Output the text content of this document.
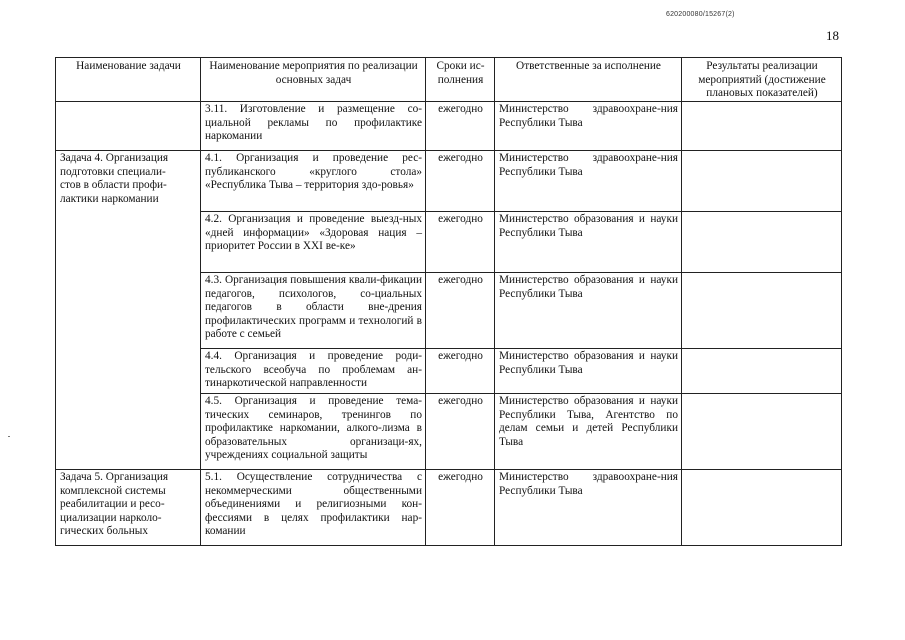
620200080/15267(2)
18
Наименование задачи	Наименование мероприятия по реализации основных задач	Сроки ис-полнения	Ответственные за исполнение	Результаты реализации мероприятий (достижение плановых показателей)
	3.11. Изготовление и размещение со-циальной рекламы по профилактике наркомании	ежегодно	Министерство здравоохране-ния Республики Тыва	

Задача 4. Организация
подготовки специали-
стов в области профи-
лактики наркомании	4.1. Организация и проведение рес-публиканского «круглого стола» «Республика Тыва – территория здо-ровья»	ежегодно	Министерство здравоохране-ния Республики Тыва	
	4.2. Организация и проведение выезд-ных «дней информации» «Здоровая нация – приоритет России в XXI ве-ке»	ежегодно	Министерство образования и науки Республики Тыва	
	4.3. Организация повышения квали-фикации педагогов, психологов, со-циальных педагогов в области вне-дрения профилактических программ и технологий в работе с семьей	ежегодно	Министерство образования и науки Республики Тыва	
	4.4. Организация и проведение роди-тельского всеобуча по проблемам ан-тинаркотической направленности	ежегодно	Министерство образования и науки Республики Тыва	
	4.5. Организация и проведение тема-тических семинаров, тренингов по профилактике наркомании, алкого-лизма в образовательных организаци-ях, учреждениях социальной защиты	ежегодно	Министерство образования и науки Республики Тыва, Агентство по делам семьи и детей Республики Тыва	

Задача 5. Организация
комплексной системы
реабилитации и ресо-
циализации нарколо-
гических больных	5.1. Осуществление сотрудничества с некоммерческими общественными объединениями и религиозными кон-фессиями в целях профилактики нар-комании	ежегодно	Министерство здравоохране-ния Республики Тыва	
